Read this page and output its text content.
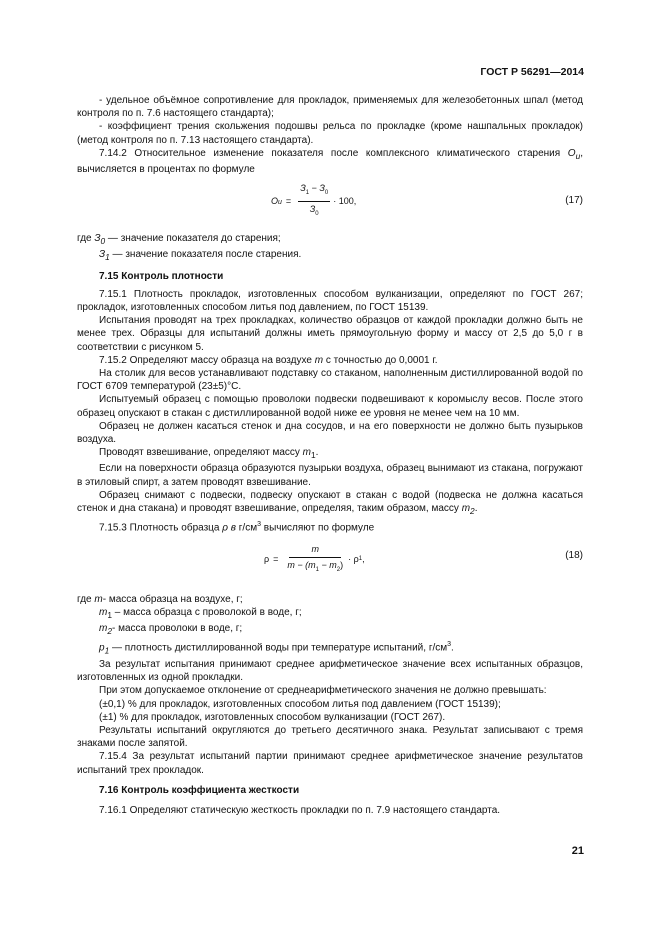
ГОСТ Р 56291—2014

- удельное объёмное сопротивление для прокладок, применяемых для железобетонных шпал (метод контроля по п. 7.6 настоящего стандарта);

- коэффициент трения скольжения подошвы рельса по прокладке (кроме нашпальных прокладок) (метод контроля по п. 7.13 настоящего стандарта).

7.14.2 Относительное изменение показателя после комплексного климатического старения $O_u$, вычисляется в процентах по формуле

O $u = \frac{З_1 - З_0}{З_0} \cdot 100$,	(17)

где $З_0$ — значение показателя до старения;

$З_1$ — значение показателя после старения.

7.15 Контроль плотности

7.15.1 Плотность прокладок, изготовленных способом вулканизации, определяют по ГОСТ 267; прокладок, изготовленных способом литья под давлением, по ГОСТ 15139.

Испытания проводят на трех прокладках, количество образцов от каждой прокладки должно быть не менее трех. Образцы для испытаний должны иметь прямоугольную форму и массу от 2,5 до 5,0 г в соответствии с рисунком 5.

7.15.2 Определяют массу образца на воздухе m с точностью до 0,0001 г.

На столик для весов устанавливают подставку со стаканом, наполненным дистиллированной водой по ГОСТ 6709 температурой (23±5)°С.

Испытуемый образец с помощью проволоки подвески подвешивают к коромыслу весов. После этого образец опускают в стакан с дистиллированной водой ниже ее уровня не менее чем на 10 мм.

Образец не должен касаться стенок и дна сосудов, и на его поверхности не должно быть пузырьков воздуха.

Проводят взвешивание, определяют массу $m_1$.

Если на поверхности образца образуются пузырьки воздуха, образец вынимают из стакана, погружают в этиловый спирт, а затем проводят взвешивание.

Образец снимают с подвески, подвеску опускают в стакан с водой (подвеска не должна касаться стенок и дна стакана) и проводят взвешивание, определяя, таким образом, массу $m_2$.

7.15.3 Плотность образца ρ в $г/см^3$ вычисляют по формуле

$\rho = \frac{m}{m - (m_1 - m_2)} \cdot \rho$ 1 ,	(18)

где m- масса образца на воздухе, г;

$m_1$ – масса образца с проволокой в воде, г;

$m_2-$ масса проволоки в воде, г;

$p_1$ — плотность дистиллированной воды при температуре испытаний, $г/см^3$.

За результат испытания принимают среднее арифметическое значение всех испытанных образцов, изготовленных из одной прокладки.

При этом допускаемое отклонение от среднеарифметического значения не должно превышать:

(±0,1) % для прокладок, изготовленных способом литья под давлением (ГОСТ 15139);

(±1) % для прокладок, изготовленных способом вулканизации (ГОСТ 267).

Результаты испытаний округляются до третьего десятичного знака. Результат записывают с тремя знаками после запятой.

7.15.4 За результат испытаний партии принимают среднее арифметическое значение результатов испытаний трех прокладок.

7.16 Контроль коэффициента жесткости

7.16.1 Определяют статическую жесткость прокладки по п. 7.9 настоящего стандарта.

21
